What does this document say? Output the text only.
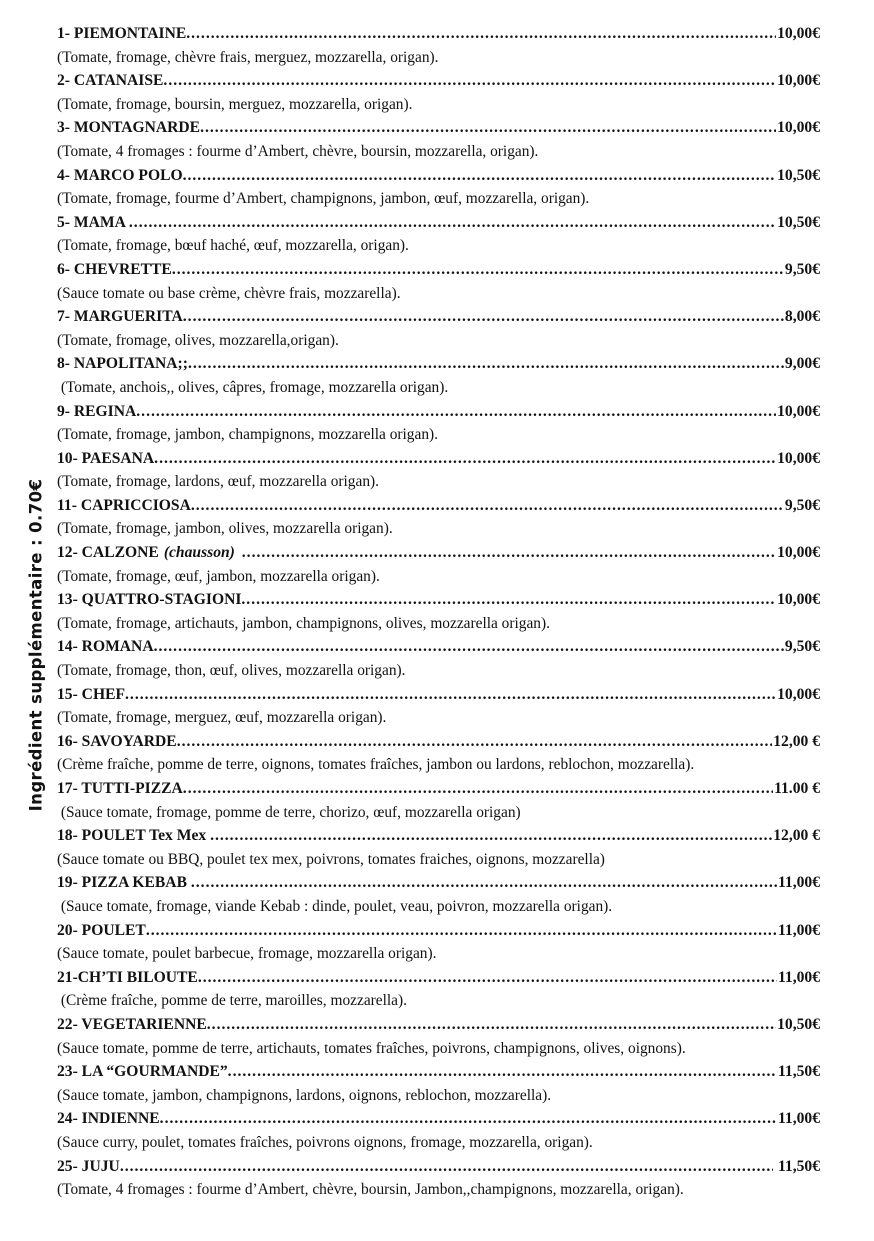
Ingrédient supplémentaire : 0.70€
1- PIEMONTAINE .....	10,00€
(Tomate, fromage, chèvre frais, merguez, mozzarella, origan).
2- CATANAISE .....	10,00€
(Tomate, fromage, boursin, merguez, mozzarella, origan).
3- MONTAGNARDE .....	10,00€
(Tomate, 4 fromages : fourme d’Ambert, chèvre, boursin, mozzarella, origan).
4- MARCO POLO .....	10,50€
(Tomate, fromage, fourme d’Ambert, champignons, jambon, œuf, mozzarella, origan).
5- MAMA .....	10,50€
(Tomate, fromage, bœuf haché, œuf, mozzarella, origan).
6- CHEVRETTE .....	9,50€
(Sauce tomate ou base crème, chèvre frais, mozzarella).
7- MARGUERITA .....	8,00€
(Tomate, fromage, olives, mozzarella,origan).
8- NAPOLITANA;; .....	9,00€
(Tomate, anchois,, olives, câpres, fromage, mozzarella origan).
9- REGINA .....	10,00€
(Tomate, fromage, jambon, champignons, mozzarella origan).
10- PAESANA .....	10,00€
(Tomate, fromage, lardons, œuf, mozzarella origan).
11- CAPRICCIOSA .....	9,50€
(Tomate, fromage, jambon, olives, mozzarella origan).
12- CALZONE (chausson) .....	10,00€
(Tomate, fromage, œuf, jambon, mozzarella origan).
13- QUATTRO-STAGIONI .....	10,00€
(Tomate, fromage, artichauts, jambon, champignons, olives, mozzarella origan).
14- ROMANA .....	9,50€
(Tomate, fromage, thon, œuf, olives, mozzarella origan).
15- CHEF .....	10,00€
(Tomate, fromage, merguez, œuf, mozzarella origan).
16- SAVOYARDE .....	12,00 €
(Crème fraîche, pomme de terre, oignons, tomates fraîches, jambon ou lardons, reblochon, mozzarella).
17- TUTTI-PIZZA .....	11.00 €
(Sauce tomate, fromage, pomme de terre, chorizo, œuf, mozzarella origan)
18- POULET Tex Mex .....	12,00 €
(Sauce tomate ou BBQ, poulet tex mex, poivrons, tomates fraiches, oignons, mozzarella)
19- PIZZA KEBAB .....	11,00€
(Sauce tomate, fromage, viande Kebab : dinde, poulet, veau, poivron, mozzarella origan).
20- POULET .....	11,00€
(Sauce tomate, poulet barbecue, fromage, mozzarella origan).
21-CH’TI BILOUTE .....	11,00€
(Crème fraîche, pomme de terre, maroilles, mozzarella).
22- VEGETARIENNE .....	10,50€
(Sauce tomate, pomme de terre, artichauts, tomates fraîches, poivrons, champignons, olives, oignons).
23- LA “GOURMANDE” .....	11,50€
(Sauce tomate, jambon, champignons, lardons, oignons, reblochon, mozzarella).
24- INDIENNE .....	11,00€
(Sauce curry, poulet, tomates fraîches, poivrons oignons, fromage, mozzarella, origan).
25- JUJU .....	11,50€
(Tomate, 4 fromages : fourme d’Ambert, chèvre, boursin, Jambon,,champignons, mozzarella, origan).
